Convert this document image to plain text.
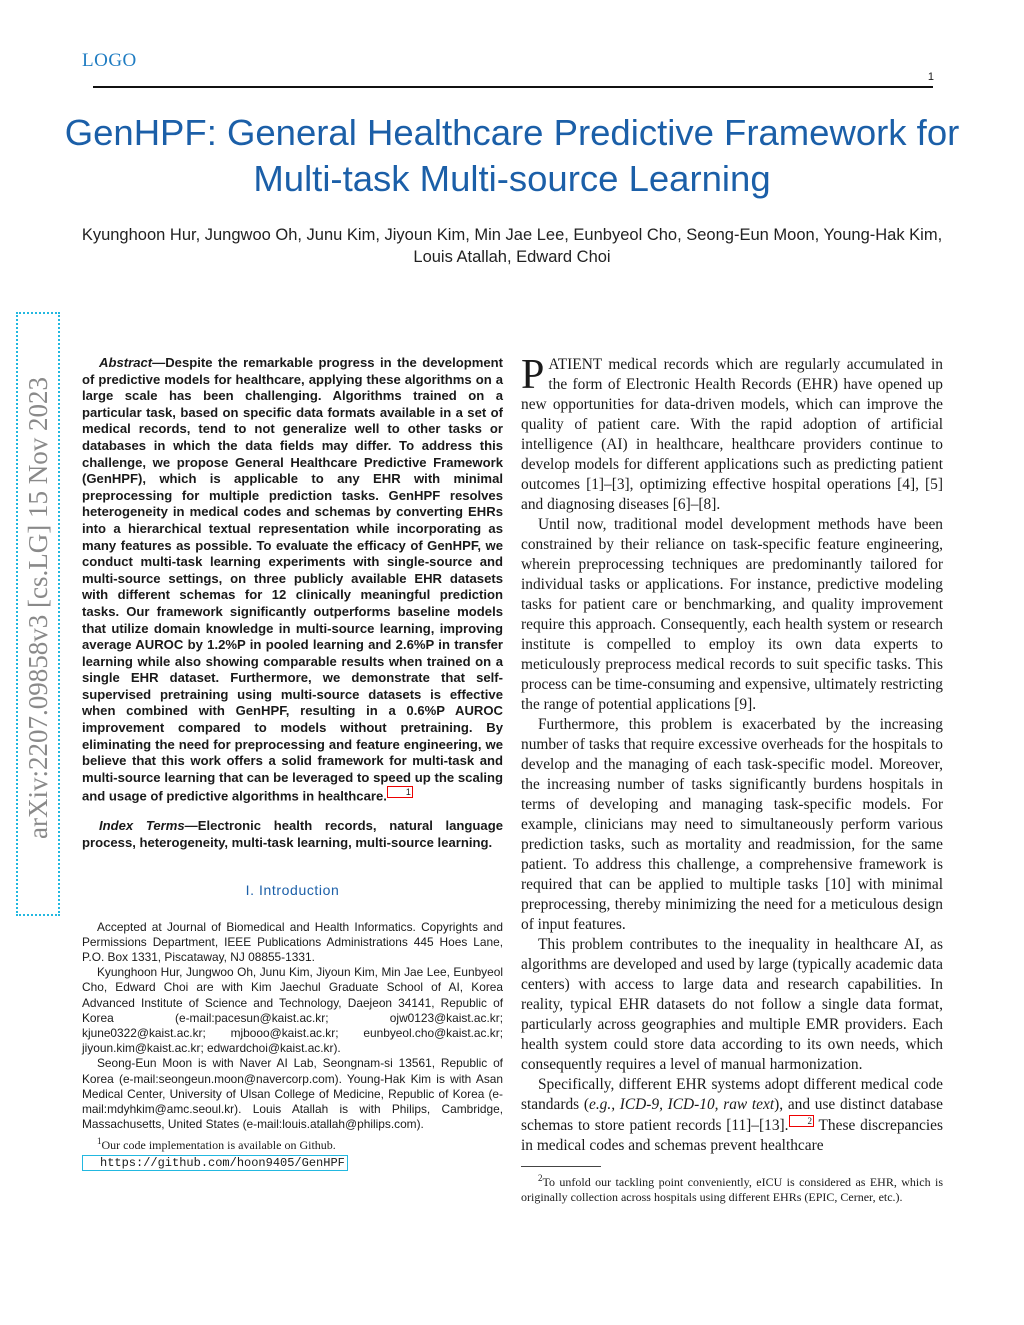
LOGO
1
GenHPF: General Healthcare Predictive Framework for Multi-task Multi-source Learning
Kyunghoon Hur, Jungwoo Oh, Junu Kim, Jiyoun Kim, Min Jae Lee, Eunbyeol Cho, Seong-Eun Moon, Young-Hak Kim, Louis Atallah, Edward Choi
arXiv:2207.09858v3 [cs.LG] 15 Nov 2023

Abstract—Despite the remarkable progress in the development of predictive models for healthcare, applying these algorithms on a large scale has been challenging. Algorithms trained on a particular task, based on specific data formats available in a set of medical records, tend to not generalize well to other tasks or databases in which the data fields may differ. To address this challenge, we propose General Healthcare Predictive Framework (GenHPF), which is applicable to any EHR with minimal preprocessing for multiple prediction tasks. GenHPF resolves heterogeneity in medical codes and schemas by converting EHRs into a hierarchical textual representation while incorporating as many features as possible. To evaluate the efficacy of GenHPF, we conduct multi-task learning experiments with single-source and multi-source settings, on three publicly available EHR datasets with different schemas for 12 clinically meaningful prediction tasks. Our framework significantly outperforms baseline models that utilize domain knowledge in multi-source learning, improving average AUROC by 1.2%P in pooled learning and 2.6%P in transfer learning while also showing comparable results when trained on a single EHR dataset. Furthermore, we demonstrate that self-supervised pretraining using multi-source datasets is effective when combined with GenHPF, resulting in a 0.6%P AUROC improvement compared to models without pretraining. By eliminating the need for preprocessing and feature engineering, we believe that this work offers a solid framework for multi-task and multi-source learning that can be leveraged to speed up the scaling and usage of predictive algorithms in healthcare. 1

Index Terms—Electronic health records, natural language process, heterogeneity, multi-task learning, multi-source learning.

I. Introduction

Accepted at Journal of Biomedical and Health Informatics. Copyrights and Permissions Department, IEEE Publications Administrations 445 Hoes Lane, P.O. Box 1331, Piscataway, NJ 08855-1331.

Kyunghoon Hur, Jungwoo Oh, Junu Kim, Jiyoun Kim, Min Jae Lee, Eunbyeol Cho, Edward Choi are with Kim Jaechul Graduate School of AI, Korea Advanced Institute of Science and Technology, Daejeon 34141, Republic of Korea (e-mail:pacesun@kaist.ac.kr; ojw0123@kaist.ac.kr; kjune0322@kaist.ac.kr; mjbooo@kaist.ac.kr; eunbyeol.cho@kaist.ac.kr; jiyoun.kim@kaist.ac.kr; edwardchoi@kaist.ac.kr).

Seong-Eun Moon is with Naver AI Lab, Seongnam-si 13561, Republic of Korea (e-mail:seongeun.moon@navercorp.com). Young-Hak Kim is with Asan Medical Center, University of Ulsan College of Medicine, Republic of Korea (e-mail:mdyhkim@amc.seoul.kr). Louis Atallah is with Philips, Cambridge, Massachusetts, United States (e-mail:louis.atallah@philips.com).

$^1$Our code implementation is available on Github.
https://github.com/hoon9405/GenHPF

PATIENT medical records which are regularly accumulated in the form of Electronic Health Records (EHR) have opened up new opportunities for data-driven models, which can improve the quality of patient care. With the rapid adoption of artificial intelligence (AI) in healthcare, healthcare providers continue to develop models for different applications such as predicting patient outcomes [1]–[3], optimizing effective hospital operations [4], [5] and diagnosing diseases [6]–[8].

Until now, traditional model development methods have been constrained by their reliance on task-specific feature engineering, wherein preprocessing techniques are predominantly tailored for individual tasks or applications. For instance, predictive modeling tasks for patient care or benchmarking, and quality improvement require this approach. Consequently, each health system or research institute is compelled to employ its own data experts to meticulously preprocess medical records to suit specific tasks. This process can be time-consuming and expensive, ultimately restricting the range of potential applications [9].

Furthermore, this problem is exacerbated by the increasing number of tasks that require excessive overheads for the hospitals to develop and the managing of each task-specific model. Moreover, the increasing number of tasks significantly burdens hospitals in terms of developing and managing task-specific models. For example, clinicians may need to simultaneously perform various prediction tasks, such as mortality and readmission, for the same patient. To address this challenge, a comprehensive framework is required that can be applied to multiple tasks [10] with minimal preprocessing, thereby minimizing the need for a meticulous design of input features.

This problem contributes to the inequality in healthcare AI, as algorithms are developed and used by large (typically academic data centers) with access to large data and research capabilities. In reality, typical EHR datasets do not follow a single data format, particularly across geographies and multiple EMR providers. Each health system could store data according to its own needs, which consequently requires a level of manual harmonization.

Specifically, different EHR systems adopt different medical code standards (e.g., ICD-9, ICD-10, raw text), and use distinct database schemas to store patient records [11]–[13]. 2 These discrepancies in medical codes and schemas prevent healthcare

$^2$To unfold our tackling point conveniently, eICU is considered as EHR, which is originally collection across hospitals using different EHRs (EPIC, Cerner, etc.).
